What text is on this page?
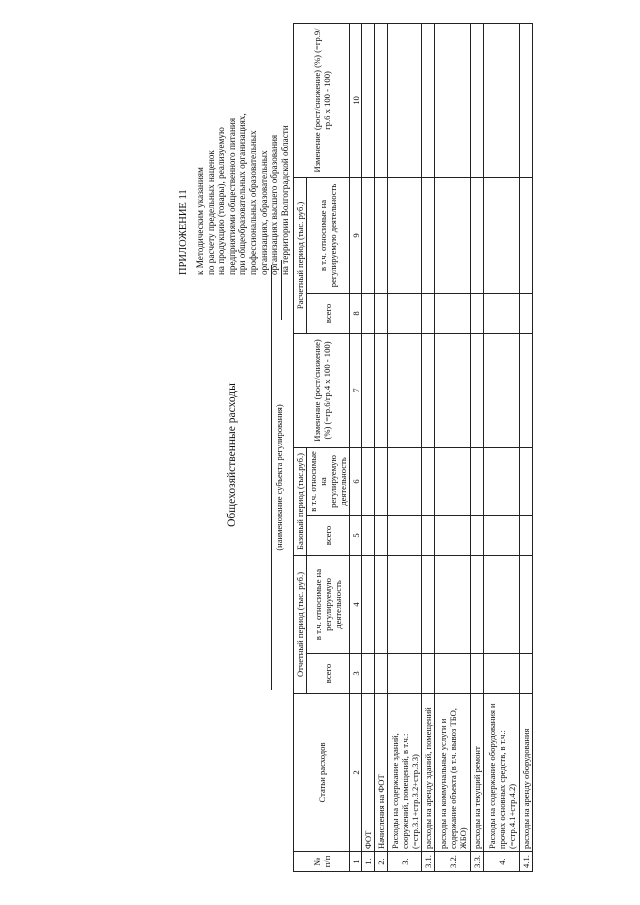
ПРИЛОЖЕНИЕ 11 к Методическим указаниям по расчету предельных наценок на продукцию (товары), реализуемую предприятиями общественного питания при общеобразовательных организациях, профессиональных образовательных организациях, образовательных организациях высшего образования на территории Волгоградской области
Общехозяйственные расходы	(наименование субъекта регулирования)
№ п/п	Статьи расходов	Отчетный период (тыс. руб.)		Базовый период (тыс.руб.)		Изменение (рост/снижение) (%) (=гр.6/гр.4 х 100 - 100)	Расчетный период (тыс. руб.)		Изменение (рост/снижение) (%) (=гр.9/гр.6 х 100 - 100)
		всего	в т.ч. относимые на регулируемую деятельность	всего	в т.ч. относимые на регулируемую деятельность		всего	в т.ч. относимые на регулируемую деятельность	
1	2	3	4	5	6	7	8	9	10
1.	ФОТ								
2.	Начисления на ФОТ								
3.	Расходы на содержание зданий, сооружений, помещений, в т.ч.: (=стр.3.1+стр.3.2+стр.3.3)								
3.1.	расходы на аренду зданий, помещений								
3.2.	расходы на коммунальные услуги и содержание объекта (в т.ч. вывоз ТБО, ЖБО)								
3.3.	расходы на текущий ремонт								
4.	Расходы на содержание оборудования и прочих основных средств, в т.ч.: (=стр.4.1+стр.4.2)								
4.1.	расходы на аренду оборудования								
